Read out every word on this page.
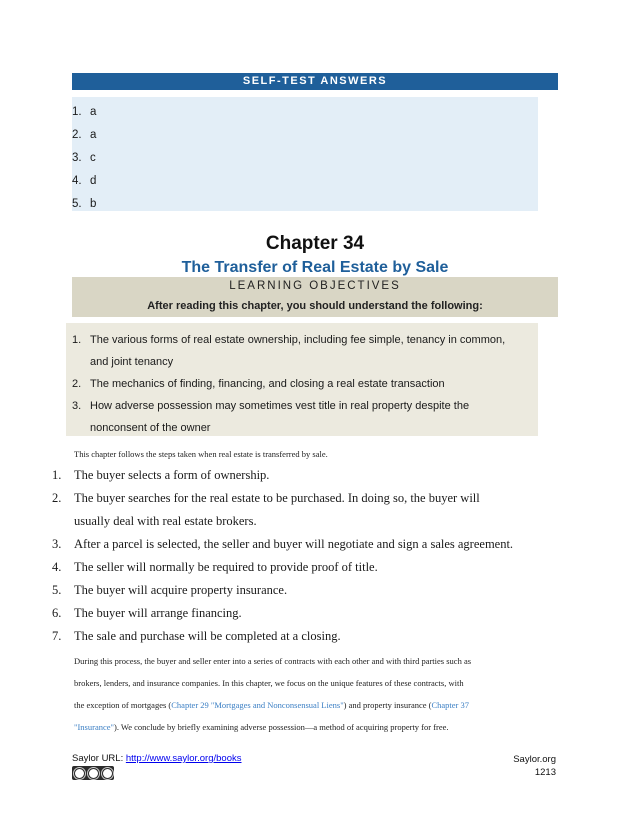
SELF-TEST ANSWERS
1. a
2. a
3. c
4. d
5. b
Chapter 34
The Transfer of Real Estate by Sale
LEARNING OBJECTIVES
After reading this chapter, you should understand the following:
1. The various forms of real estate ownership, including fee simple, tenancy in common,
and joint tenancy
2. The mechanics of finding, financing, and closing a real estate transaction
3. How adverse possession may sometimes vest title in real property despite the
nonconsent of the owner
This chapter follows the steps taken when real estate is transferred by sale.
1.	The buyer selects a form of ownership.
2.	The buyer searches for the real estate to be purchased. In doing so, the buyer will
usually deal with real estate brokers.
3.	After a parcel is selected, the seller and buyer will negotiate and sign a sales agreement.
4.	The seller will normally be required to provide proof of title.
5.	The buyer will acquire property insurance.
6.	The buyer will arrange financing.
7.	The sale and purchase will be completed at a closing.
During this process, the buyer and seller enter into a series of contracts with each other and with third parties such as
brokers, lenders, and insurance companies. In this chapter, we focus on the unique features of these contracts, with
the exception of mortgages (Chapter 29 "Mortgages and Nonconsensual Liens") and property insurance (Chapter 37
"Insurance"). We conclude by briefly examining adverse possession—a method of acquiring property for free.
Saylor URL: http://www.saylor.org/books	Saylor.org
1213
